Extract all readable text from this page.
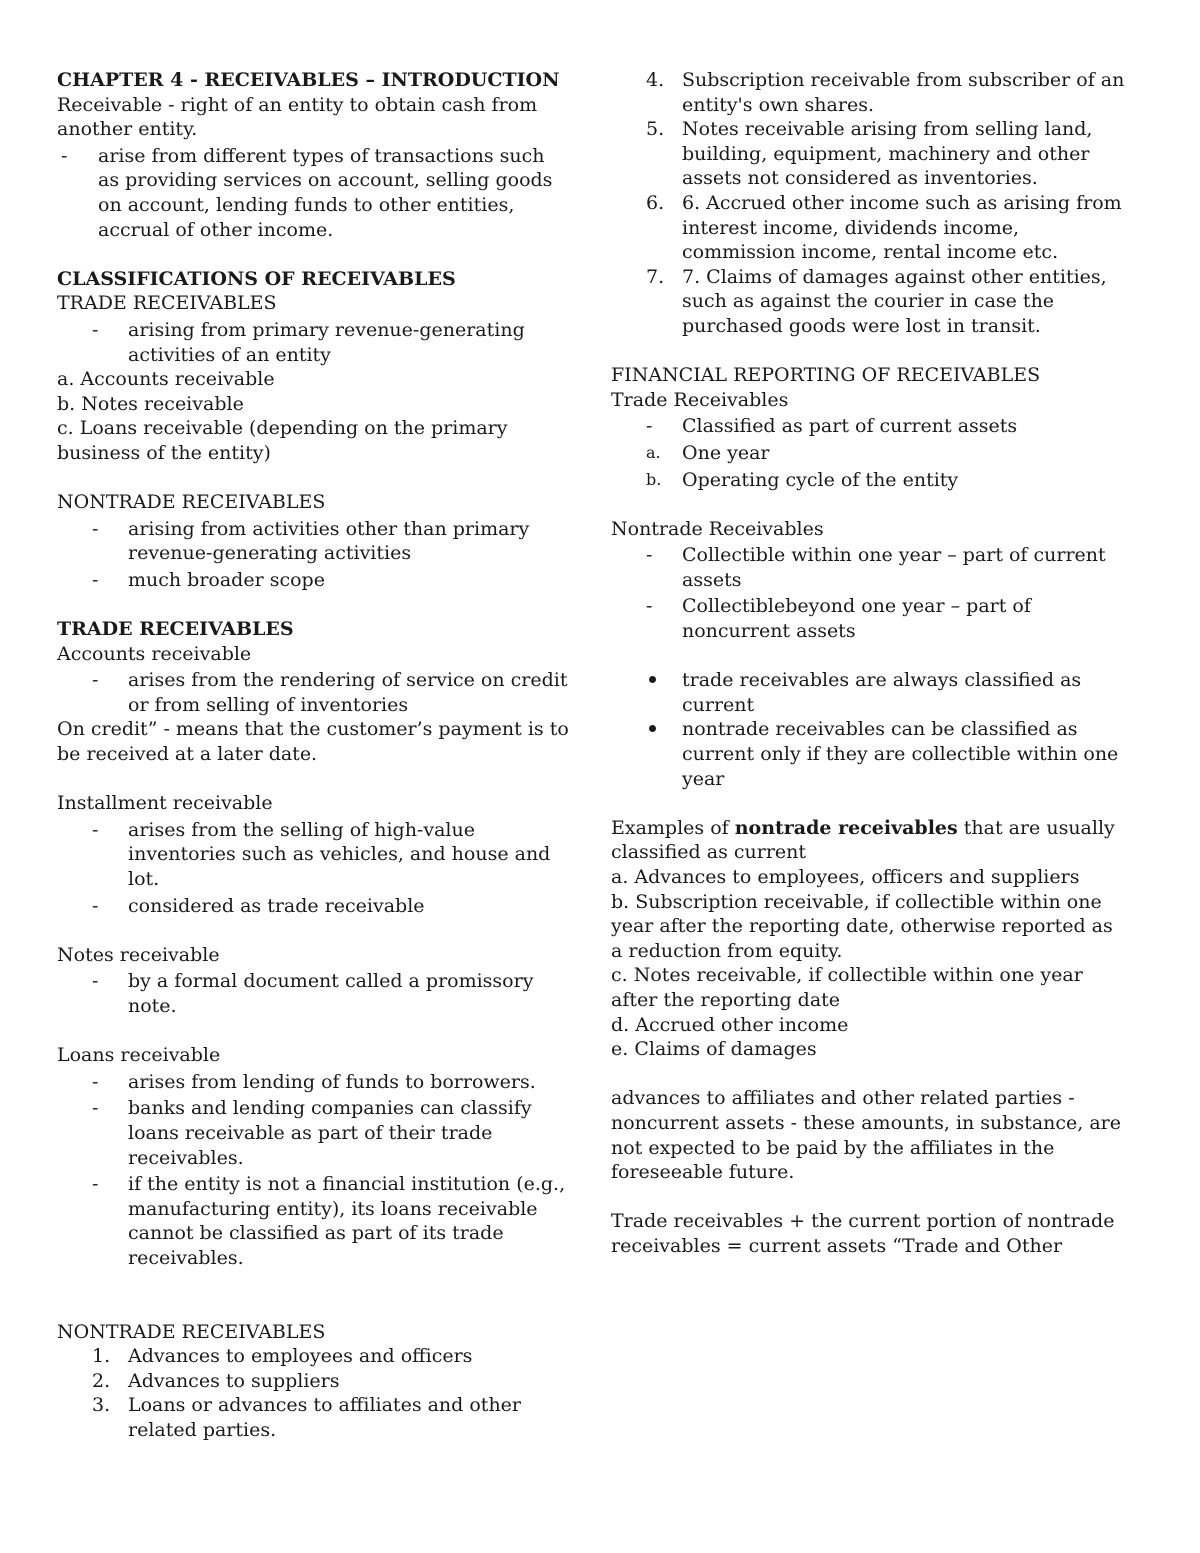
CHAPTER 4 - RECEIVABLES – INTRODUCTION
Receivable - right of an entity to obtain cash from
another entity.
- arise from different types of transactions such
as providing services on account, selling goods
on account, lending funds to other entities,
accrual of other income.
CLASSIFICATIONS OF RECEIVABLES
TRADE RECEIVABLES
- arising from primary revenue-generating
activities of an entity
a. Accounts receivable
b. Notes receivable
c. Loans receivable (depending on the primary
business of the entity)
NONTRADE RECEIVABLES
- arising from activities other than primary
revenue-generating activities
- much broader scope
TRADE RECEIVABLES
Accounts receivable
- arises from the rendering of service on credit
or from selling of inventories
On credit” - means that the customer’s payment is to
be received at a later date.
Installment receivable
- arises from the selling of high-value
inventories such as vehicles, and house and
lot.
- considered as trade receivable
Notes receivable
- by a formal document called a promissory
note.
Loans receivable
- arises from lending of funds to borrowers.
- banks and lending companies can classify
loans receivable as part of their trade
receivables.
- if the entity is not a financial institution (e.g.,
manufacturing entity), its loans receivable
cannot be classified as part of its trade
receivables.
NONTRADE RECEIVABLES
1. Advances to employees and officers
2. Advances to suppliers
3. Loans or advances to affiliates and other
related parties.
4. Subscription receivable from subscriber of an
entity's own shares.
5. Notes receivable arising from selling land,
building, equipment, machinery and other
assets not considered as inventories.
6. 6. Accrued other income such as arising from
interest income, dividends income,
commission income, rental income etc.
7. 7. Claims of damages against other entities,
such as against the courier in case the
purchased goods were lost in transit.
FINANCIAL REPORTING OF RECEIVABLES
Trade Receivables
- Classified as part of current assets
a. One year
b. Operating cycle of the entity
Nontrade Receivables
- Collectible within one year – part of current
assets
- Collectiblebeyond one year – part of
noncurrent assets
trade receivables are always classified as
current
nontrade receivables can be classified as
current only if they are collectible within one
year
Examples of nontrade receivables that are usually
classified as current
a. Advances to employees, officers and suppliers
b. Subscription receivable, if collectible within one
year after the reporting date, otherwise reported as
a reduction from equity.
c. Notes receivable, if collectible within one year
after the reporting date
d. Accrued other income
e. Claims of damages
advances to affiliates and other related parties -
noncurrent assets - these amounts, in substance, are
not expected to be paid by the affiliates in the
foreseeable future.
Trade receivables + the current portion of nontrade
receivables = current assets “Trade and Other
